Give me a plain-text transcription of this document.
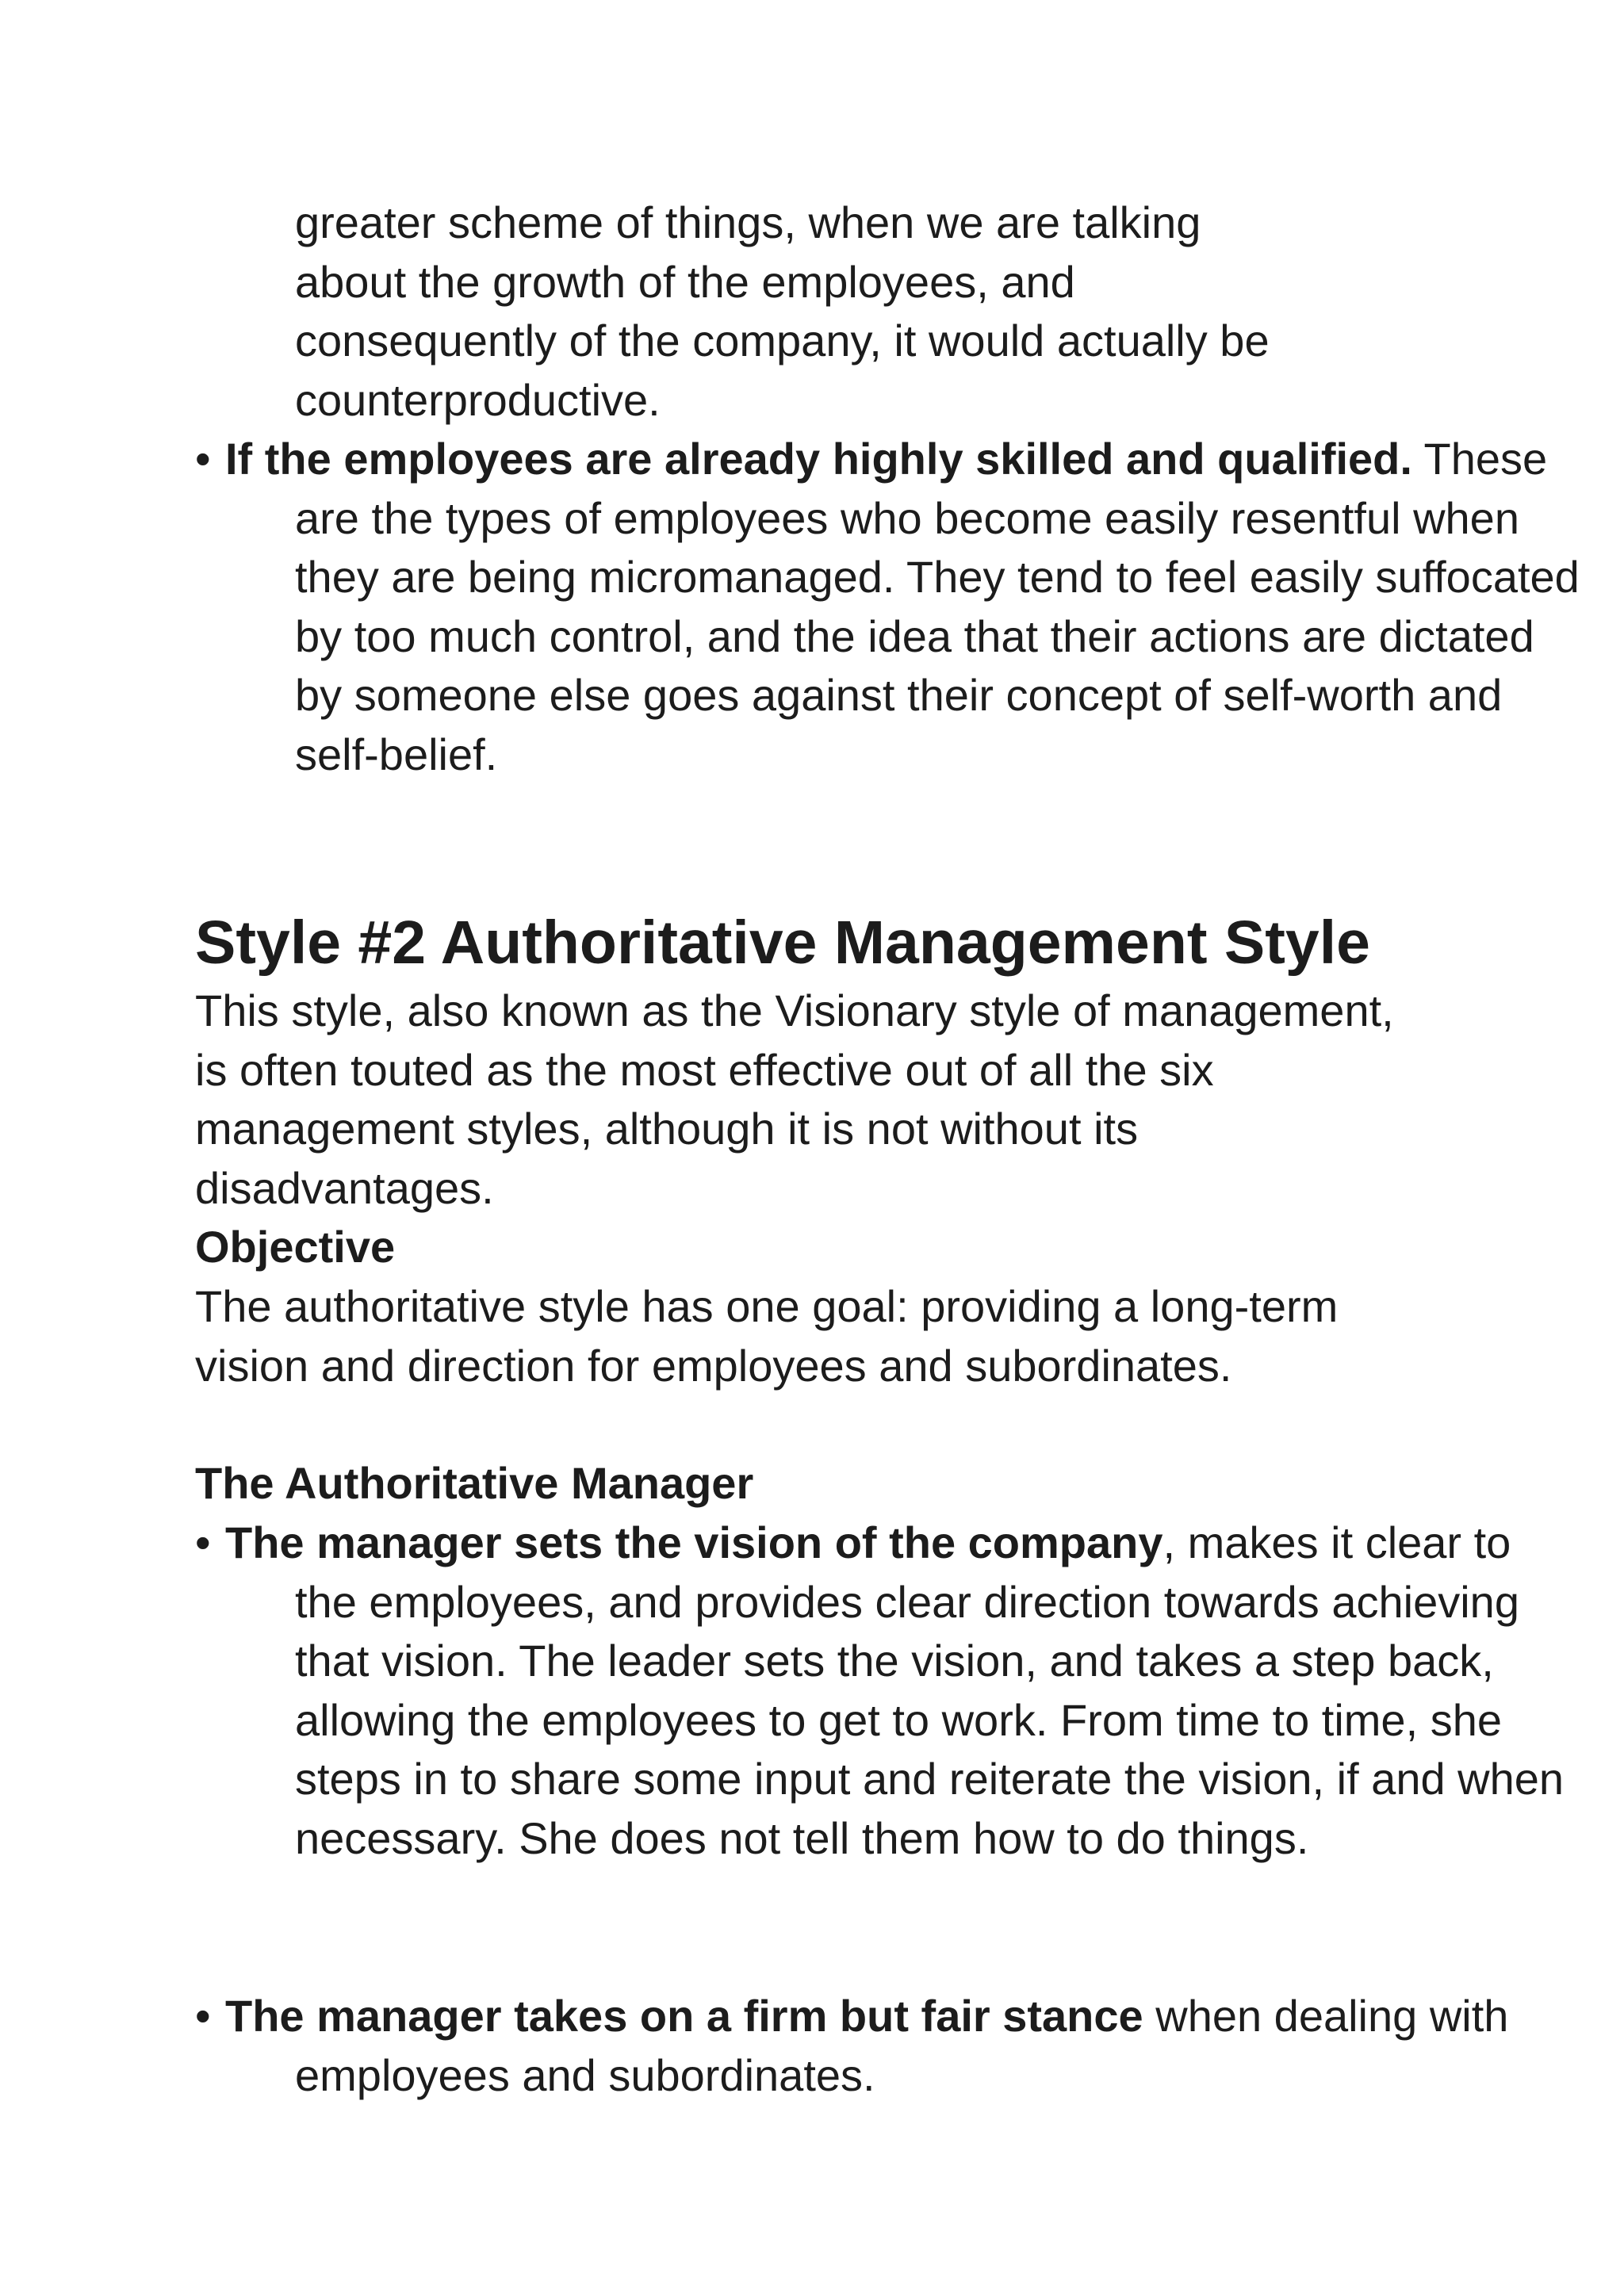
greater scheme of things, when we are talking
about the growth of the employees, and
consequently of the company, it would actually be
counterproductive.

• If the employees are already highly skilled and qualified. These are the types of employees who become easily resentful when they are being micromanaged. They tend to feel easily suffocated by too much control, and the idea that their actions are dictated by someone else goes against their concept of self-worth and self-belief.

Style #2 Authoritative Management Style

This style, also known as the Visionary style of management, is often touted as the most effective out of all the six management styles, although it is not without its disadvantages.

Objective

The authoritative style has one goal: providing a long-term vision and direction for employees and subordinates.

The Authoritative Manager

• The manager sets the vision of the company, makes it clear to the employees, and provides clear direction towards achieving that vision. The leader sets the vision, and takes a step back, allowing the employees to get to work. From time to time, she steps in to share some input and reiterate the vision, if and when necessary. She does not tell them how to do things.

• The manager takes on a firm but fair stance when dealing with employees and subordinates.
